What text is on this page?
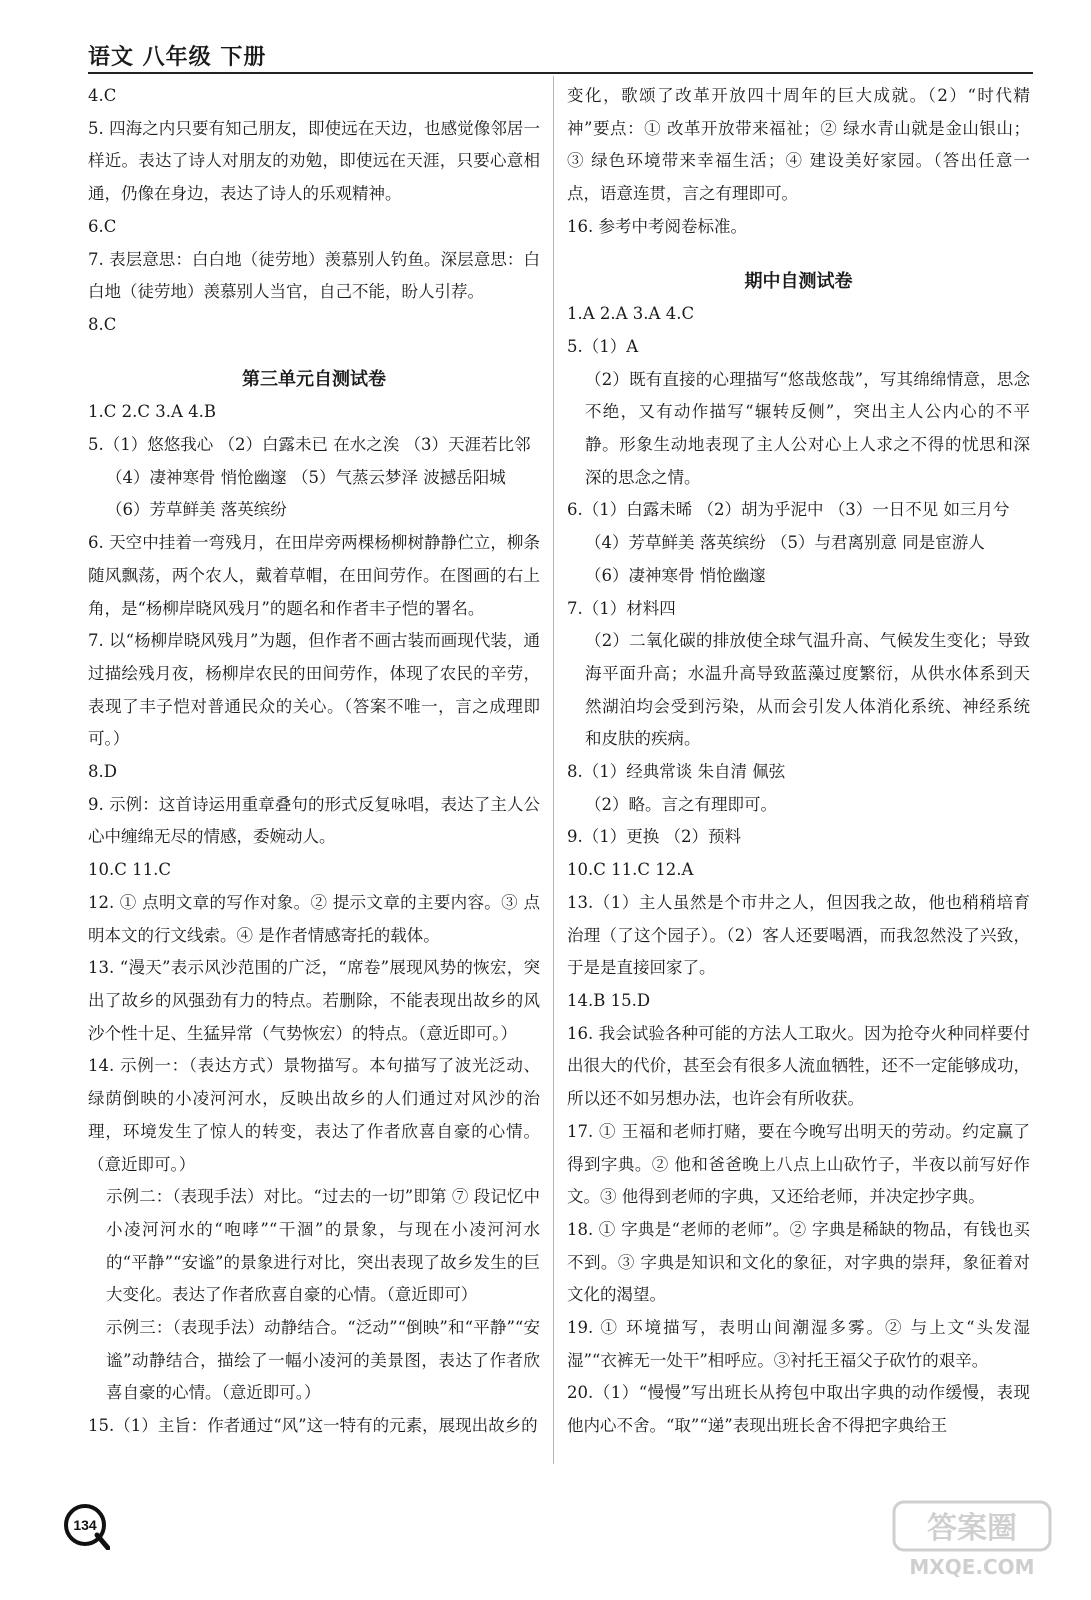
语文 八年级 下册

4.C

5. 四海之内只要有知己朋友，即使远在天边，也感觉像邻居一样近。表达了诗人对朋友的劝勉，即使远在天涯，只要心意相通，仍像在身边，表达了诗人的乐观精神。

6.C

7. 表层意思：白白地（徒劳地）羡慕别人钓鱼。深层意思：白白地（徒劳地）羡慕别人当官，自己不能，盼人引荐。

8.C

第三单元自测试卷

1.C 2.C 3.A 4.B

5.（1）悠悠我心 （2）白露未已 在水之涘 （3）天涯若比邻

（4）凄神寒骨 悄怆幽邃 （5）气蒸云梦泽 波撼岳阳城

（6）芳草鲜美 落英缤纷

6. 天空中挂着一弯残月，在田岸旁两棵杨柳树静静伫立，柳条随风飘荡，两个农人，戴着草帽，在田间劳作。在图画的右上角，是“杨柳岸晓风残月”的题名和作者丰子恺的署名。

7. 以“杨柳岸晓风残月”为题，但作者不画古装而画现代装，通过描绘残月夜，杨柳岸农民的田间劳作，体现了农民的辛劳，表现了丰子恺对普通民众的关心。（答案不唯一，言之成理即可。）

8.D

9. 示例：这首诗运用重章叠句的形式反复咏唱，表达了主人公心中缠绵无尽的情感，委婉动人。

10.C 11.C

12. ① 点明文章的写作对象。② 提示文章的主要内容。③ 点明本文的行文线索。④ 是作者情感寄托的载体。

13. “漫天”表示风沙范围的广泛，“席卷”展现风势的恢宏，突出了故乡的风强劲有力的特点。若删除，不能表现出故乡的风沙个性十足、生猛异常（气势恢宏）的特点。（意近即可。）

14. 示例一：（表达方式）景物描写。本句描写了波光泛动、绿荫倒映的小凌河河水，反映出故乡的人们通过对风沙的治理，环境发生了惊人的转变，表达了作者欣喜自豪的心情。（意近即可。）

示例二：（表现手法）对比。“过去的一切”即第 ⑦ 段记忆中小凌河河水的“咆哮”“干涸”的景象，与现在小凌河河水的“平静”“安谧”的景象进行对比，突出表现了故乡发生的巨大变化。表达了作者欣喜自豪的心情。（意近即可）

示例三：（表现手法）动静结合。“泛动”“倒映”和“平静”“安谧”动静结合，描绘了一幅小凌河的美景图，表达了作者欣喜自豪的心情。（意近即可。）

15.（1）主旨：作者通过“风”这一特有的元素，展现出故乡的

变化，歌颂了改革开放四十周年的巨大成就。（2）“时代精神”要点：① 改革开放带来福祉；② 绿水青山就是金山银山；③ 绿色环境带来幸福生活；④ 建设美好家园。（答出任意一点，语意连贯，言之有理即可。

16. 参考中考阅卷标准。

期中自测试卷

1.A 2.A 3.A 4.C

5.（1）A

（2）既有直接的心理描写“悠哉悠哉”，写其绵绵情意，思念不绝，又有动作描写“辗转反侧”，突出主人公内心的不平静。形象生动地表现了主人公对心上人求之不得的忧思和深深的思念之情。

6.（1）白露未晞 （2）胡为乎泥中 （3）一日不见 如三月兮

（4）芳草鲜美 落英缤纷 （5）与君离别意 同是宦游人

（6）凄神寒骨 悄怆幽邃

7.（1）材料四

（2）二氧化碳的排放使全球气温升高、气候发生变化；导致海平面升高；水温升高导致蓝藻过度繁衍，从供水体系到天然湖泊均会受到污染，从而会引发人体消化系统、神经系统和皮肤的疾病。

8.（1）经典常谈 朱自清 佩弦

（2）略。言之有理即可。

9.（1）更换 （2）预料

10.C 11.C 12.A

13.（1）主人虽然是个市井之人，但因我之故，他也稍稍培育治理（了这个园子）。（2）客人还要喝酒，而我忽然没了兴致，于是是直接回家了。

14.B 15.D

16. 我会试验各种可能的方法人工取火。因为抢夺火种同样要付出很大的代价，甚至会有很多人流血牺牲，还不一定能够成功，所以还不如另想办法，也许会有所收获。

17. ① 王福和老师打赌，要在今晚写出明天的劳动。约定赢了得到字典。② 他和爸爸晚上八点上山砍竹子，半夜以前写好作文。③ 他得到老师的字典，又还给老师，并决定抄字典。

18. ① 字典是“老师的老师”。② 字典是稀缺的物品，有钱也买不到。③ 字典是知识和文化的象征，对字典的崇拜，象征着对文化的渴望。

19. ① 环境描写，表明山间潮湿多雾。② 与上文“头发湿湿”“衣裤无一处干”相呼应。③衬托王福父子砍竹的艰辛。

20.（1）“慢慢”写出班长从挎包中取出字典的动作缓慢，表现他内心不舍。“取”“递”表现出班长舍不得把字典给王

134	答案圈
MXQE.COM
